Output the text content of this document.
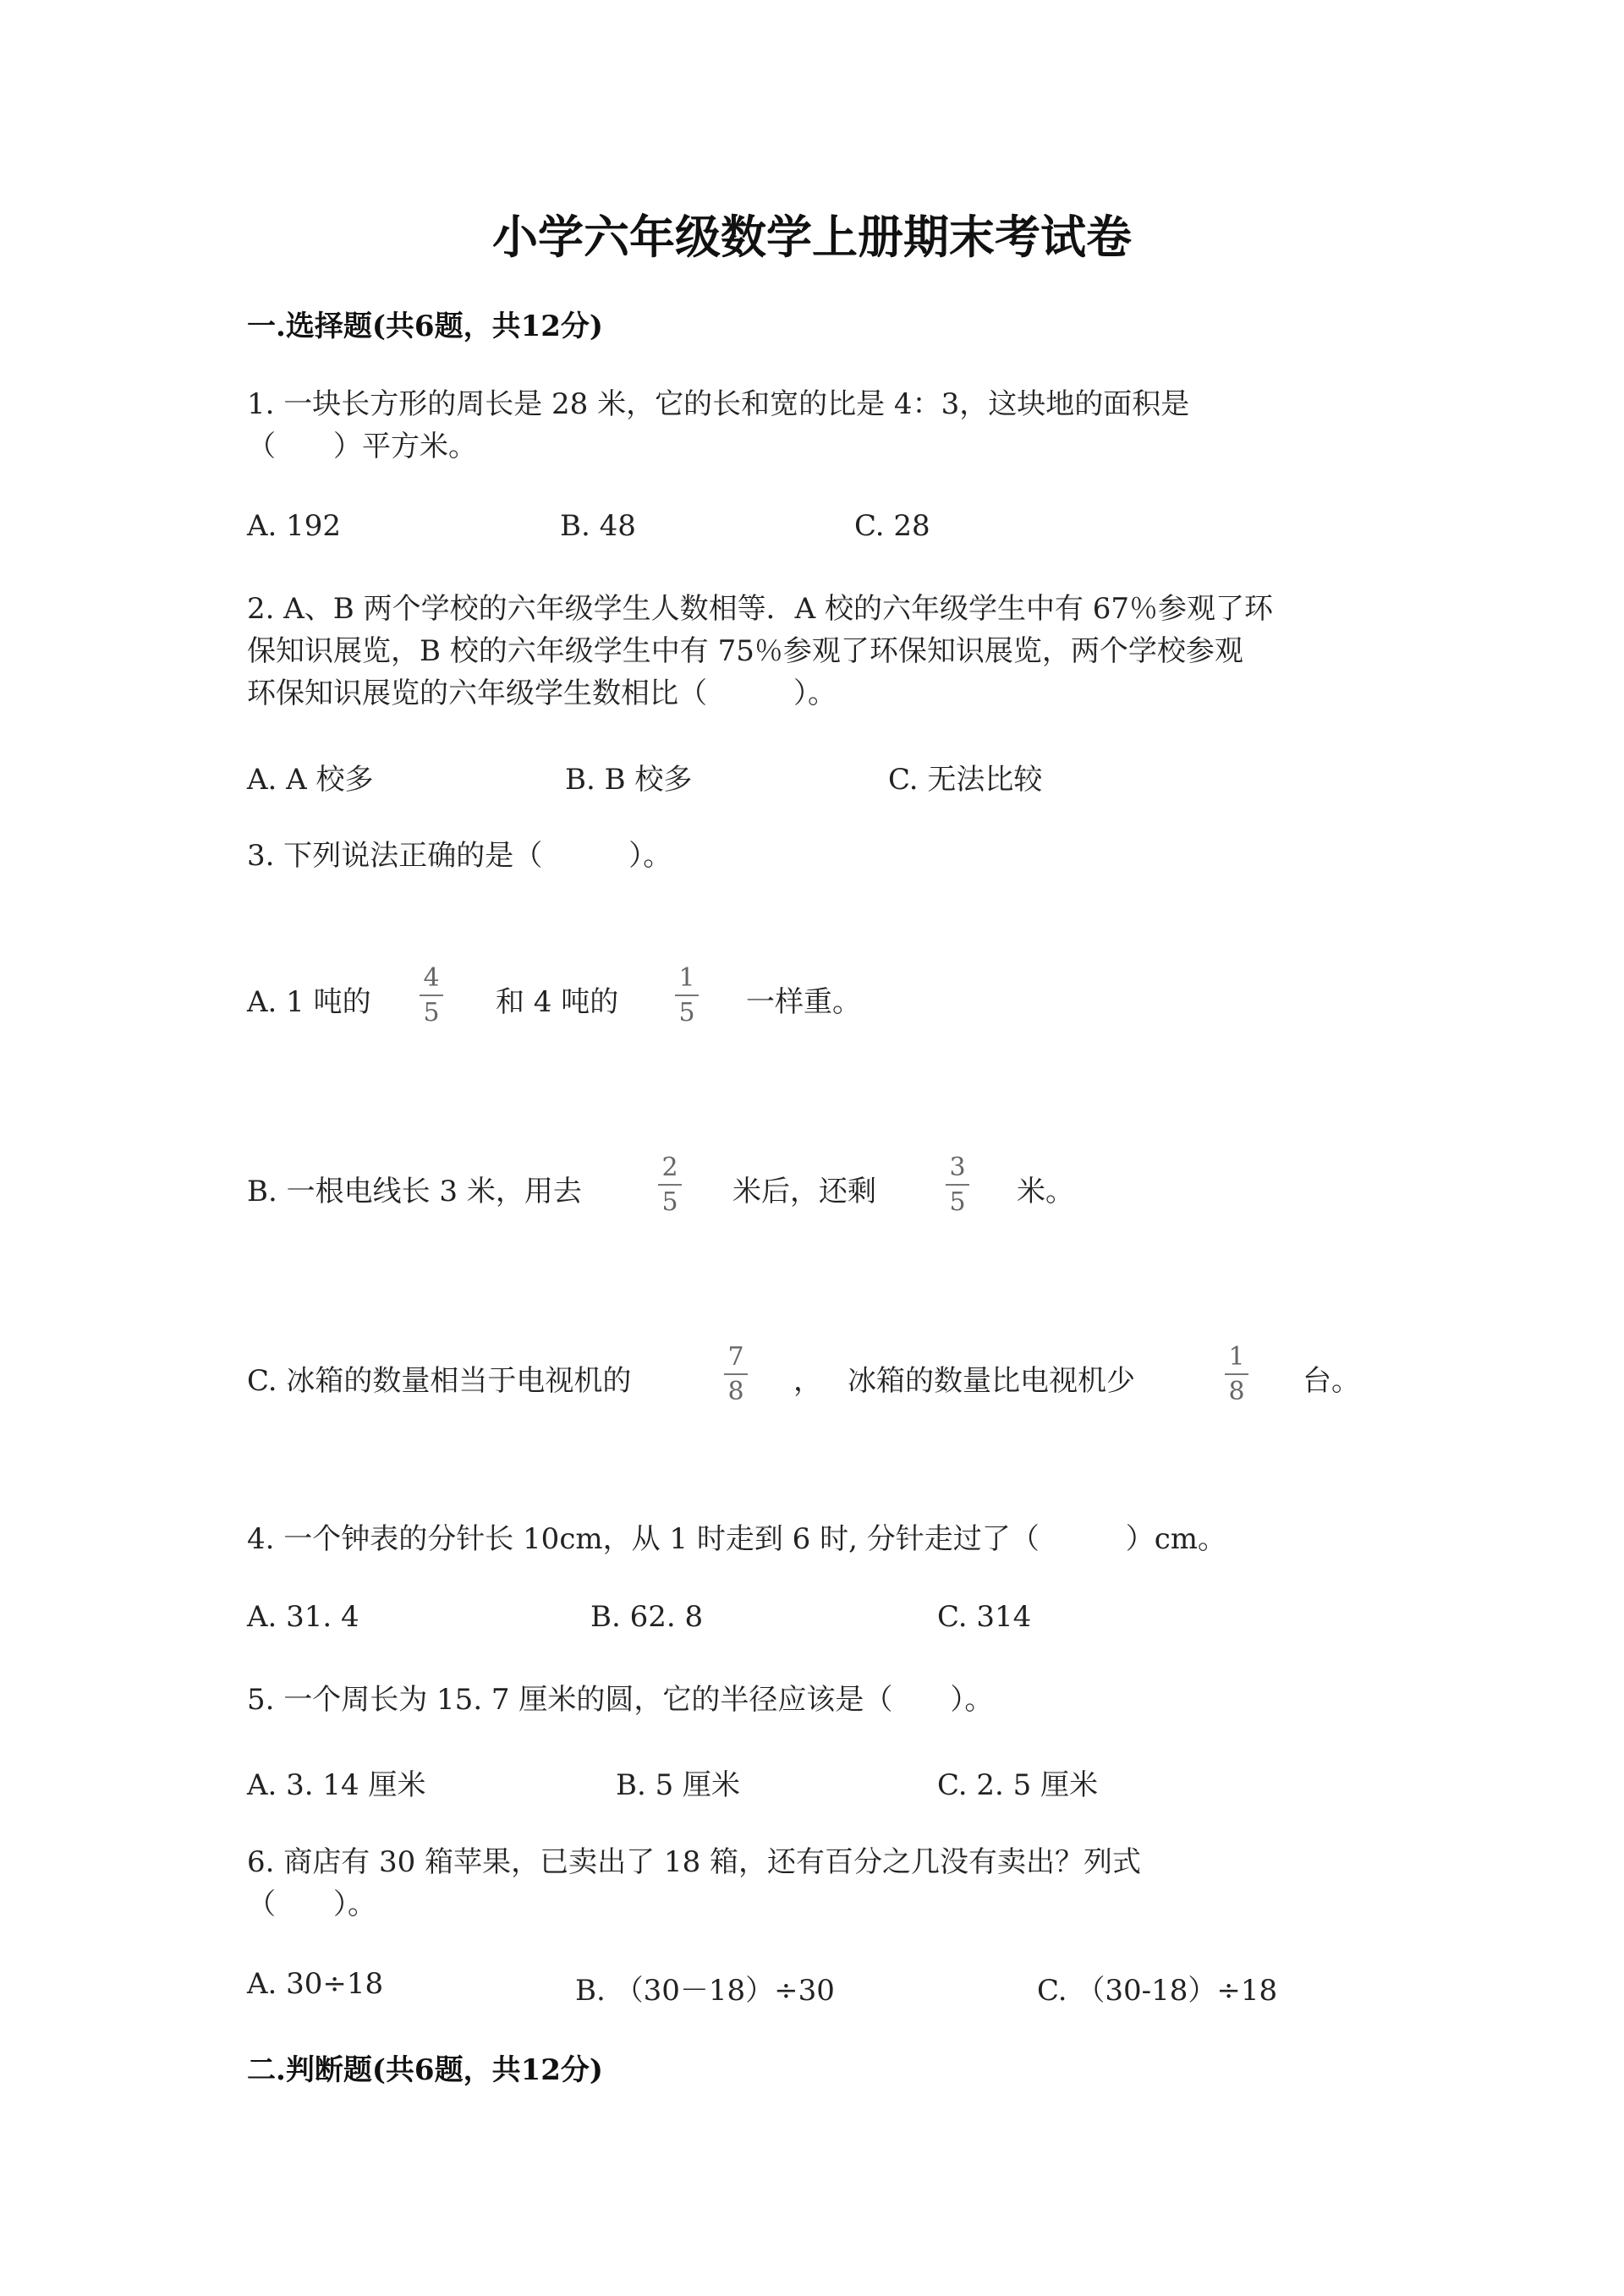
小学六年级数学上册期末考试卷
一.选择题(共6题，共12分)
1. 一块长方形的周长是 28 米，它的长和宽的比是 4：3，这块地的面积是
（　　）平方米。
A. 192	B. 48	C. 28
2. A、B 两个学校的六年级学生人数相等．A 校的六年级学生中有 67％参观了环
保知识展览，B 校的六年级学生中有 75％参观了环保知识展览，两个学校参观
环保知识展览的六年级学生数相比（　　　）。
A. A 校多	B. B 校多	C. 无法比较
3. 下列说法正确的是（　　　）。
A. 1 吨的
4
5 和 4 吨的
1
5 一样重。
B. 一根电线长 3 米，用去
2
5 米后，还剩
3
5 米。
C. 冰箱的数量相当于电视机的
7
8 ， 冰箱的数量比电视机少
1
8 台。
4. 一个钟表的分针长 10cm，从 1 时走到 6 时, 分针走过了（　　　）cm。
A. 31. 4	B. 62. 8	C. 314
5. 一个周长为 15. 7 厘米的圆，它的半径应该是（　　）。
A. 3. 14 厘米	B. 5 厘米	C. 2. 5 厘米
6. 商店有 30 箱苹果，已卖出了 18 箱，还有百分之几没有卖出？列式
（　　）。
A. 30÷18	B. （30－18）÷30	C. （30-18）÷18
二.判断题(共6题，共12分)
